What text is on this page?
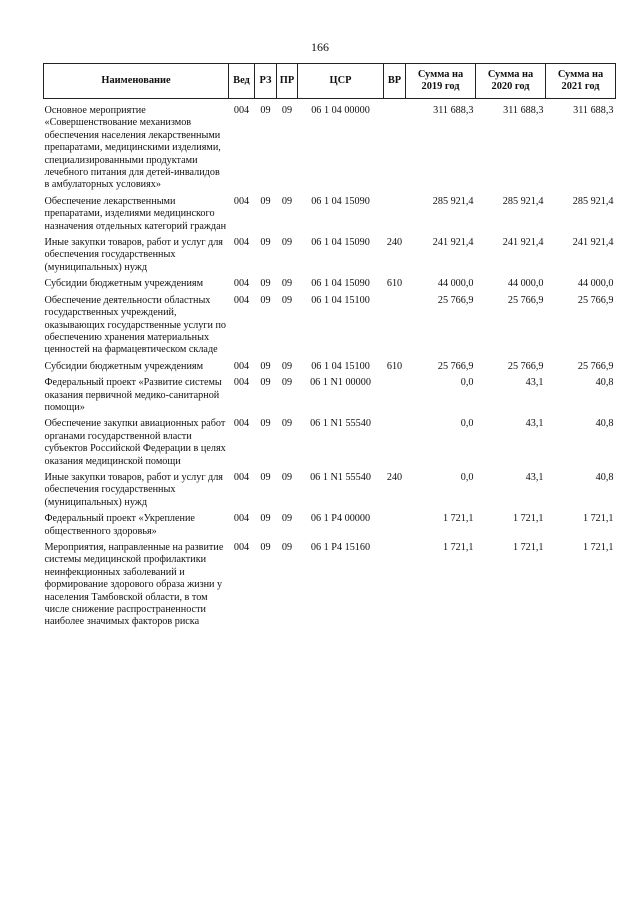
166
Наименование	Вед	РЗ	ПР	ЦСР	ВР	Сумма на 2019 год	Сумма на 2020 год	Сумма на 2021 год
Основное мероприятие «Совершенствование механизмов обеспечения населения лекарственными препаратами, медицинскими изделиями, специализированными продуктами лечебного питания для детей-инвалидов в амбулаторных условиях»	004	09	09	06 1 04 00000		311 688,3	311 688,3	311 688,3
Обеспечение лекарственными препаратами, изделиями медицинского назначения отдельных категорий граждан	004	09	09	06 1 04 15090		285 921,4	285 921,4	285 921,4
Иные закупки товаров, работ и услуг для обеспечения государственных (муниципальных) нужд	004	09	09	06 1 04 15090	240	241 921,4	241 921,4	241 921,4
Субсидии бюджетным учреждениям	004	09	09	06 1 04 15090	610	44 000,0	44 000,0	44 000,0
Обеспечение деятельности областных государственных учреждений, оказывающих государственные услуги по обеспечению хранения материальных ценностей на фармацевтическом складе	004	09	09	06 1 04 15100		25 766,9	25 766,9	25 766,9
Субсидии бюджетным учреждениям	004	09	09	06 1 04 15100	610	25 766,9	25 766,9	25 766,9
Федеральный проект «Развитие системы оказания первичной медико-санитарной помощи»	004	09	09	06 1 N1 00000		0,0	43,1	40,8
Обеспечение закупки авиационных работ органами государственной власти субъектов Российской Федерации в целях оказания медицинской помощи	004	09	09	06 1 N1 55540		0,0	43,1	40,8
Иные закупки товаров, работ и услуг для обеспечения государственных (муниципальных) нужд	004	09	09	06 1 N1 55540	240	0,0	43,1	40,8
Федеральный проект «Укрепление общественного здоровья»	004	09	09	06 1 P4 00000		1 721,1	1 721,1	1 721,1
Мероприятия, направленные на развитие системы медицинской профилактики неинфекционных заболеваний и формирование здорового образа жизни у населения Тамбовской области, в том числе снижение распространенности наиболее значимых факторов риска	004	09	09	06 1 P4 15160		1 721,1	1 721,1	1 721,1
